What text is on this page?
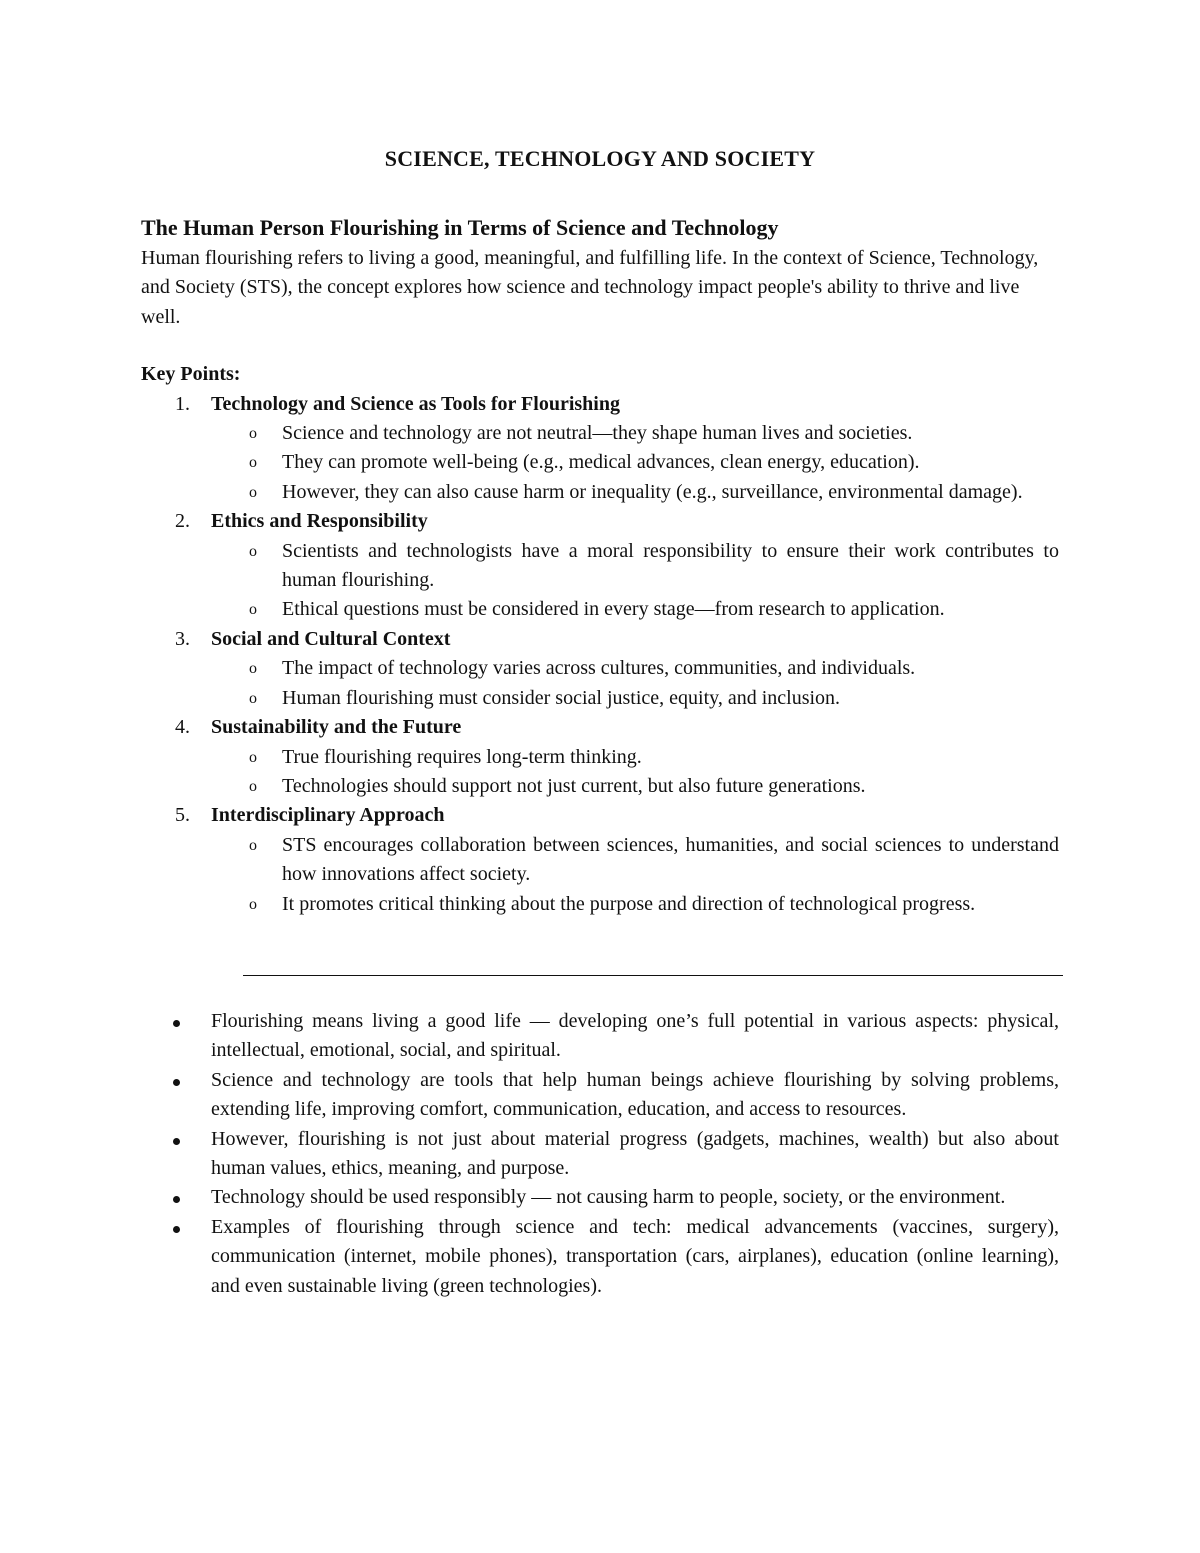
SCIENCE, TECHNOLOGY AND SOCIETY
The Human Person Flourishing in Terms of Science and Technology

Human flourishing refers to living a good, meaningful, and fulfilling life. In the context of Science, Technology, and Society (STS), the concept explores how science and technology impact people's ability to thrive and live well.

Key Points:

1. Technology and Science as Tools for Flourishing
o Science and technology are not neutral—they shape human lives and societies.
o They can promote well-being (e.g., medical advances, clean energy, education).
o However, they can also cause harm or inequality (e.g., surveillance, environmental damage).
2. Ethics and Responsibility
o Scientists and technologists have a moral responsibility to ensure their work contributes to human flourishing.
o Ethical questions must be considered in every stage—from research to application.
3. Social and Cultural Context
o The impact of technology varies across cultures, communities, and individuals.
o Human flourishing must consider social justice, equity, and inclusion.
4. Sustainability and the Future
o True flourishing requires long-term thinking.
o Technologies should support not just current, but also future generations.
5. Interdisciplinary Approach
o STS encourages collaboration between sciences, humanities, and social sciences to understand how innovations affect society.
o It promotes critical thinking about the purpose and direction of technological progress.
Flourishing means living a good life — developing one’s full potential in various aspects: physical, intellectual, emotional, social, and spiritual.
Science and technology are tools that help human beings achieve flourishing by solving problems, extending life, improving comfort, communication, education, and access to resources.
However, flourishing is not just about material progress (gadgets, machines, wealth) but also about human values, ethics, meaning, and purpose.
Technology should be used responsibly — not causing harm to people, society, or the environment.
Examples of flourishing through science and tech: medical advancements (vaccines, surgery), communication (internet, mobile phones), transportation (cars, airplanes), education (online learning), and even sustainable living (green technologies).
